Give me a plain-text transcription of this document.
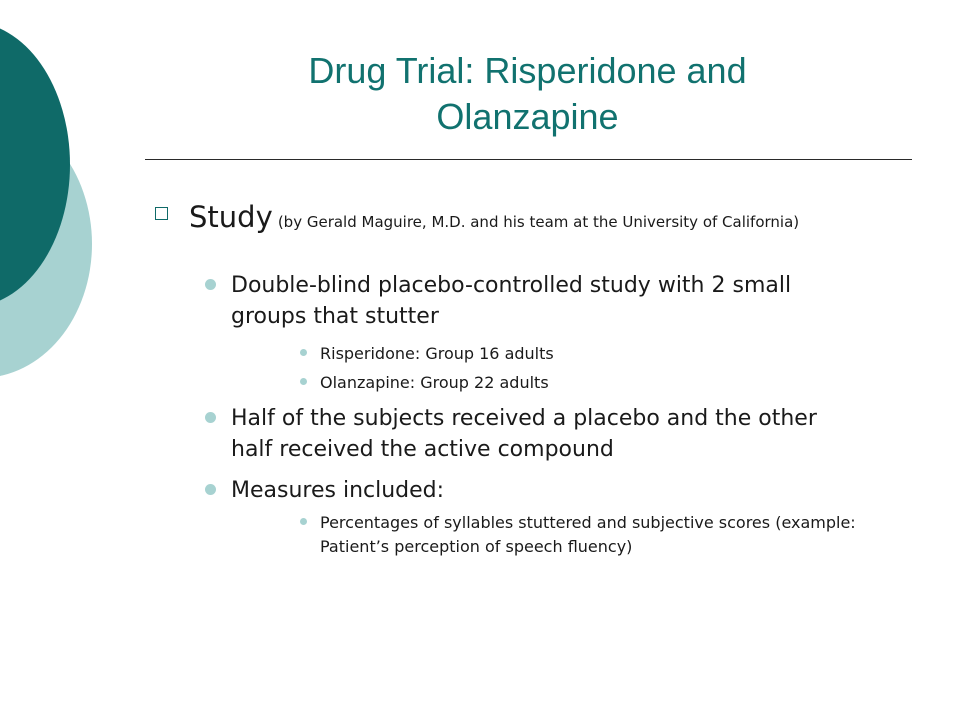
Drug Trial: Risperidone and
Olanzapine
Study (by Gerald Maguire, M.D. and his team at the University of California)
Double-blind placebo-controlled study with 2 small groups that stutter
Risperidone: Group 16 adults
Olanzapine: Group 22 adults
Half of the subjects received a placebo and the other half received the active compound
Measures included:
Percentages of syllables stuttered and subjective scores (example: Patient’s perception of speech fluency)
